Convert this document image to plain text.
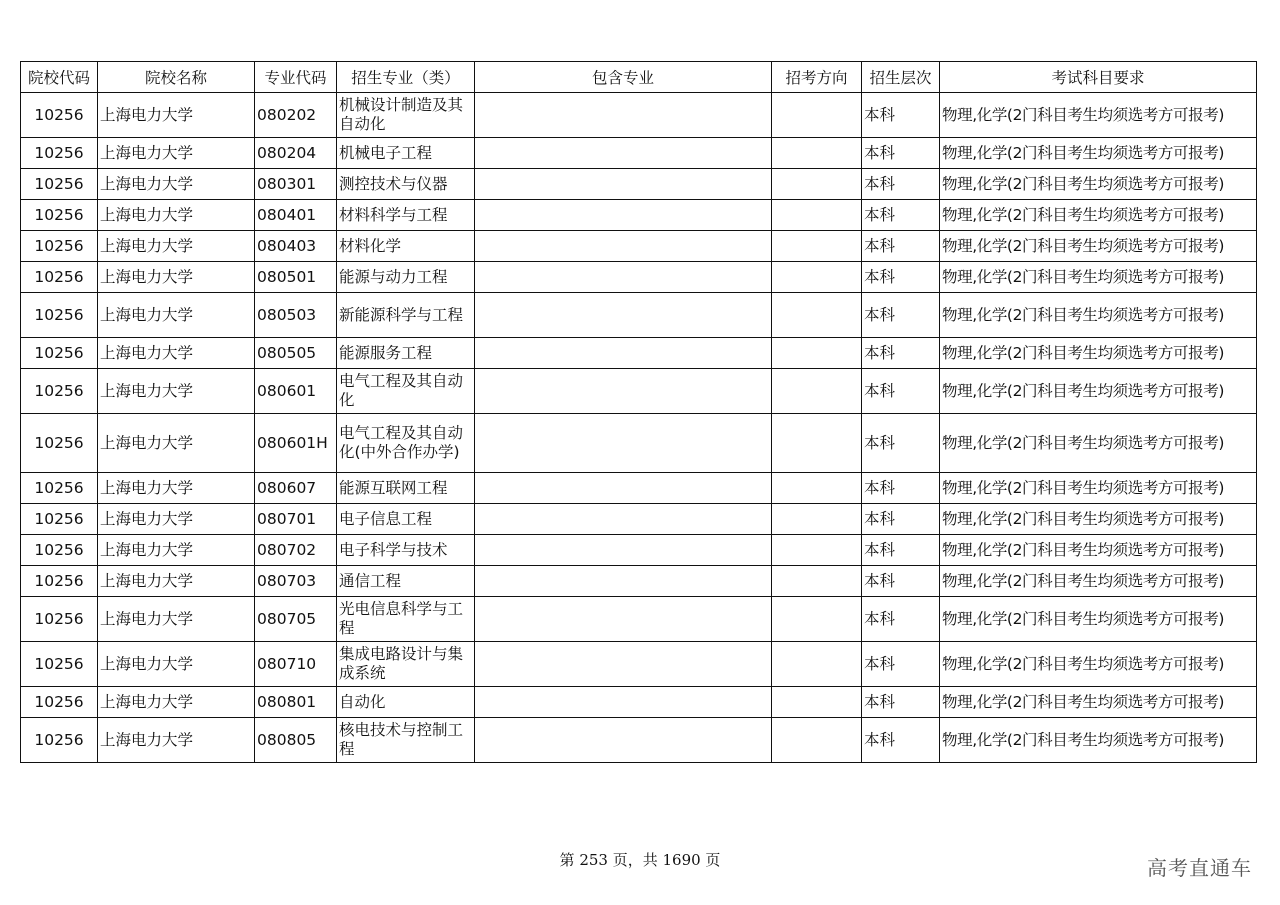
院校代码	院校名称	专业代码	招生专业（类）	包含专业	招考方向	招生层次	考试科目要求
10256	上海电力大学	080202	机械设计制造及其自动化			本科	物理,化学(2门科目考生均须选考方可报考)
10256	上海电力大学	080204	机械电子工程			本科	物理,化学(2门科目考生均须选考方可报考)
10256	上海电力大学	080301	测控技术与仪器			本科	物理,化学(2门科目考生均须选考方可报考)
10256	上海电力大学	080401	材料科学与工程			本科	物理,化学(2门科目考生均须选考方可报考)
10256	上海电力大学	080403	材料化学			本科	物理,化学(2门科目考生均须选考方可报考)
10256	上海电力大学	080501	能源与动力工程			本科	物理,化学(2门科目考生均须选考方可报考)
10256	上海电力大学	080503	新能源科学与工程			本科	物理,化学(2门科目考生均须选考方可报考)
10256	上海电力大学	080505	能源服务工程			本科	物理,化学(2门科目考生均须选考方可报考)
10256	上海电力大学	080601	电气工程及其自动化			本科	物理,化学(2门科目考生均须选考方可报考)
10256	上海电力大学	080601H	电气工程及其自动化(中外合作办学)			本科	物理,化学(2门科目考生均须选考方可报考)
10256	上海电力大学	080607	能源互联网工程			本科	物理,化学(2门科目考生均须选考方可报考)
10256	上海电力大学	080701	电子信息工程			本科	物理,化学(2门科目考生均须选考方可报考)
10256	上海电力大学	080702	电子科学与技术			本科	物理,化学(2门科目考生均须选考方可报考)
10256	上海电力大学	080703	通信工程			本科	物理,化学(2门科目考生均须选考方可报考)
10256	上海电力大学	080705	光电信息科学与工程			本科	物理,化学(2门科目考生均须选考方可报考)
10256	上海电力大学	080710	集成电路设计与集成系统			本科	物理,化学(2门科目考生均须选考方可报考)
10256	上海电力大学	080801	自动化			本科	物理,化学(2门科目考生均须选考方可报考)
10256	上海电力大学	080805	核电技术与控制工程			本科	物理,化学(2门科目考生均须选考方可报考)
第 253 页，共 1690 页	高考直通车
